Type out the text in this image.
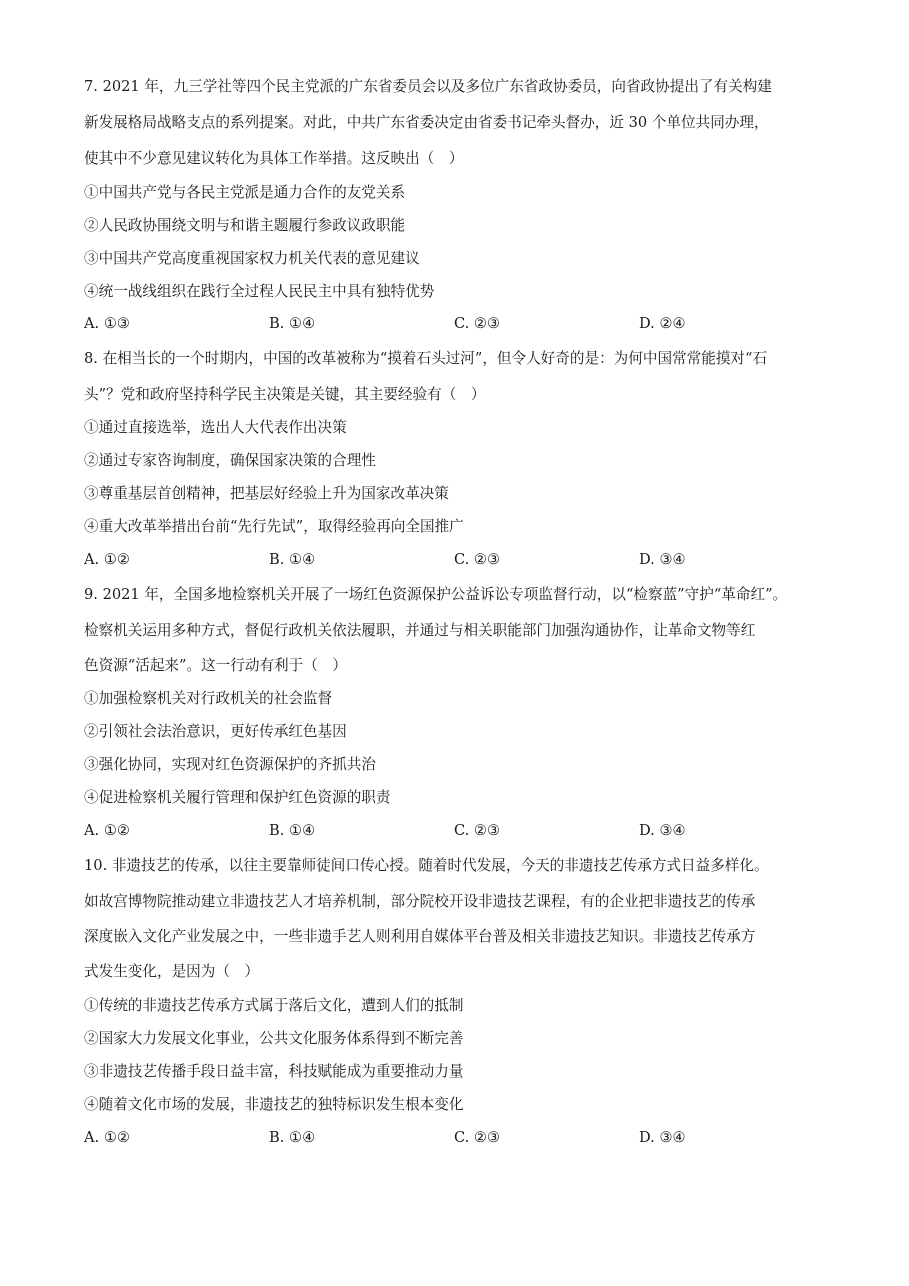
7. 2021 年，九三学社等四个民主党派的广东省委员会以及多位广东省政协委员，向省政协提出了有关构建
新发展格局战略支点的系列提案。对此，中共广东省委决定由省委书记牵头督办，近 30 个单位共同办理，
使其中不少意见建议转化为具体工作举措。这反映出（　）
①中国共产党与各民主党派是通力合作的友党关系
②人民政协围绕文明与和谐主题履行参政议政职能
③中国共产党高度重视国家权力机关代表的意见建议
④统一战线组织在践行全过程人民民主中具有独特优势
A. ①③	B. ①④	C. ②③	D. ②④
8. 在相当长的一个时期内，中国的改革被称为“摸着石头过河”，但令人好奇的是：为何中国常常能摸对“石
头”？党和政府坚持科学民主决策是关键，其主要经验有（　）
①通过直接选举，选出人大代表作出决策
②通过专家咨询制度，确保国家决策的合理性
③尊重基层首创精神，把基层好经验上升为国家改革决策
④重大改革举措出台前“先行先试”，取得经验再向全国推广
A. ①②	B. ①④	C. ②③	D. ③④
9. 2021 年，全国多地检察机关开展了一场红色资源保护公益诉讼专项监督行动，以“检察蓝”守护“革命红”。
检察机关运用多种方式，督促行政机关依法履职，并通过与相关职能部门加强沟通协作，让革命文物等红
色资源“活起来”。这一行动有利于（　）
①加强检察机关对行政机关的社会监督
②引领社会法治意识，更好传承红色基因
③强化协同，实现对红色资源保护的齐抓共治
④促进检察机关履行管理和保护红色资源的职责
A. ①②	B. ①④	C. ②③	D. ③④
10. 非遗技艺的传承，以往主要靠师徒间口传心授。随着时代发展，今天的非遗技艺传承方式日益多样化。
如故宫博物院推动建立非遗技艺人才培养机制，部分院校开设非遗技艺课程，有的企业把非遗技艺的传承
深度嵌入文化产业发展之中，一些非遗手艺人则利用自媒体平台普及相关非遗技艺知识。非遗技艺传承方
式发生变化，是因为（　）
①传统的非遗技艺传承方式属于落后文化，遭到人们的抵制
②国家大力发展文化事业，公共文化服务体系得到不断完善
③非遗技艺传播手段日益丰富，科技赋能成为重要推动力量
④随着文化市场的发展，非遗技艺的独特标识发生根本变化
A. ①②	B. ①④	C. ②③	D. ③④
